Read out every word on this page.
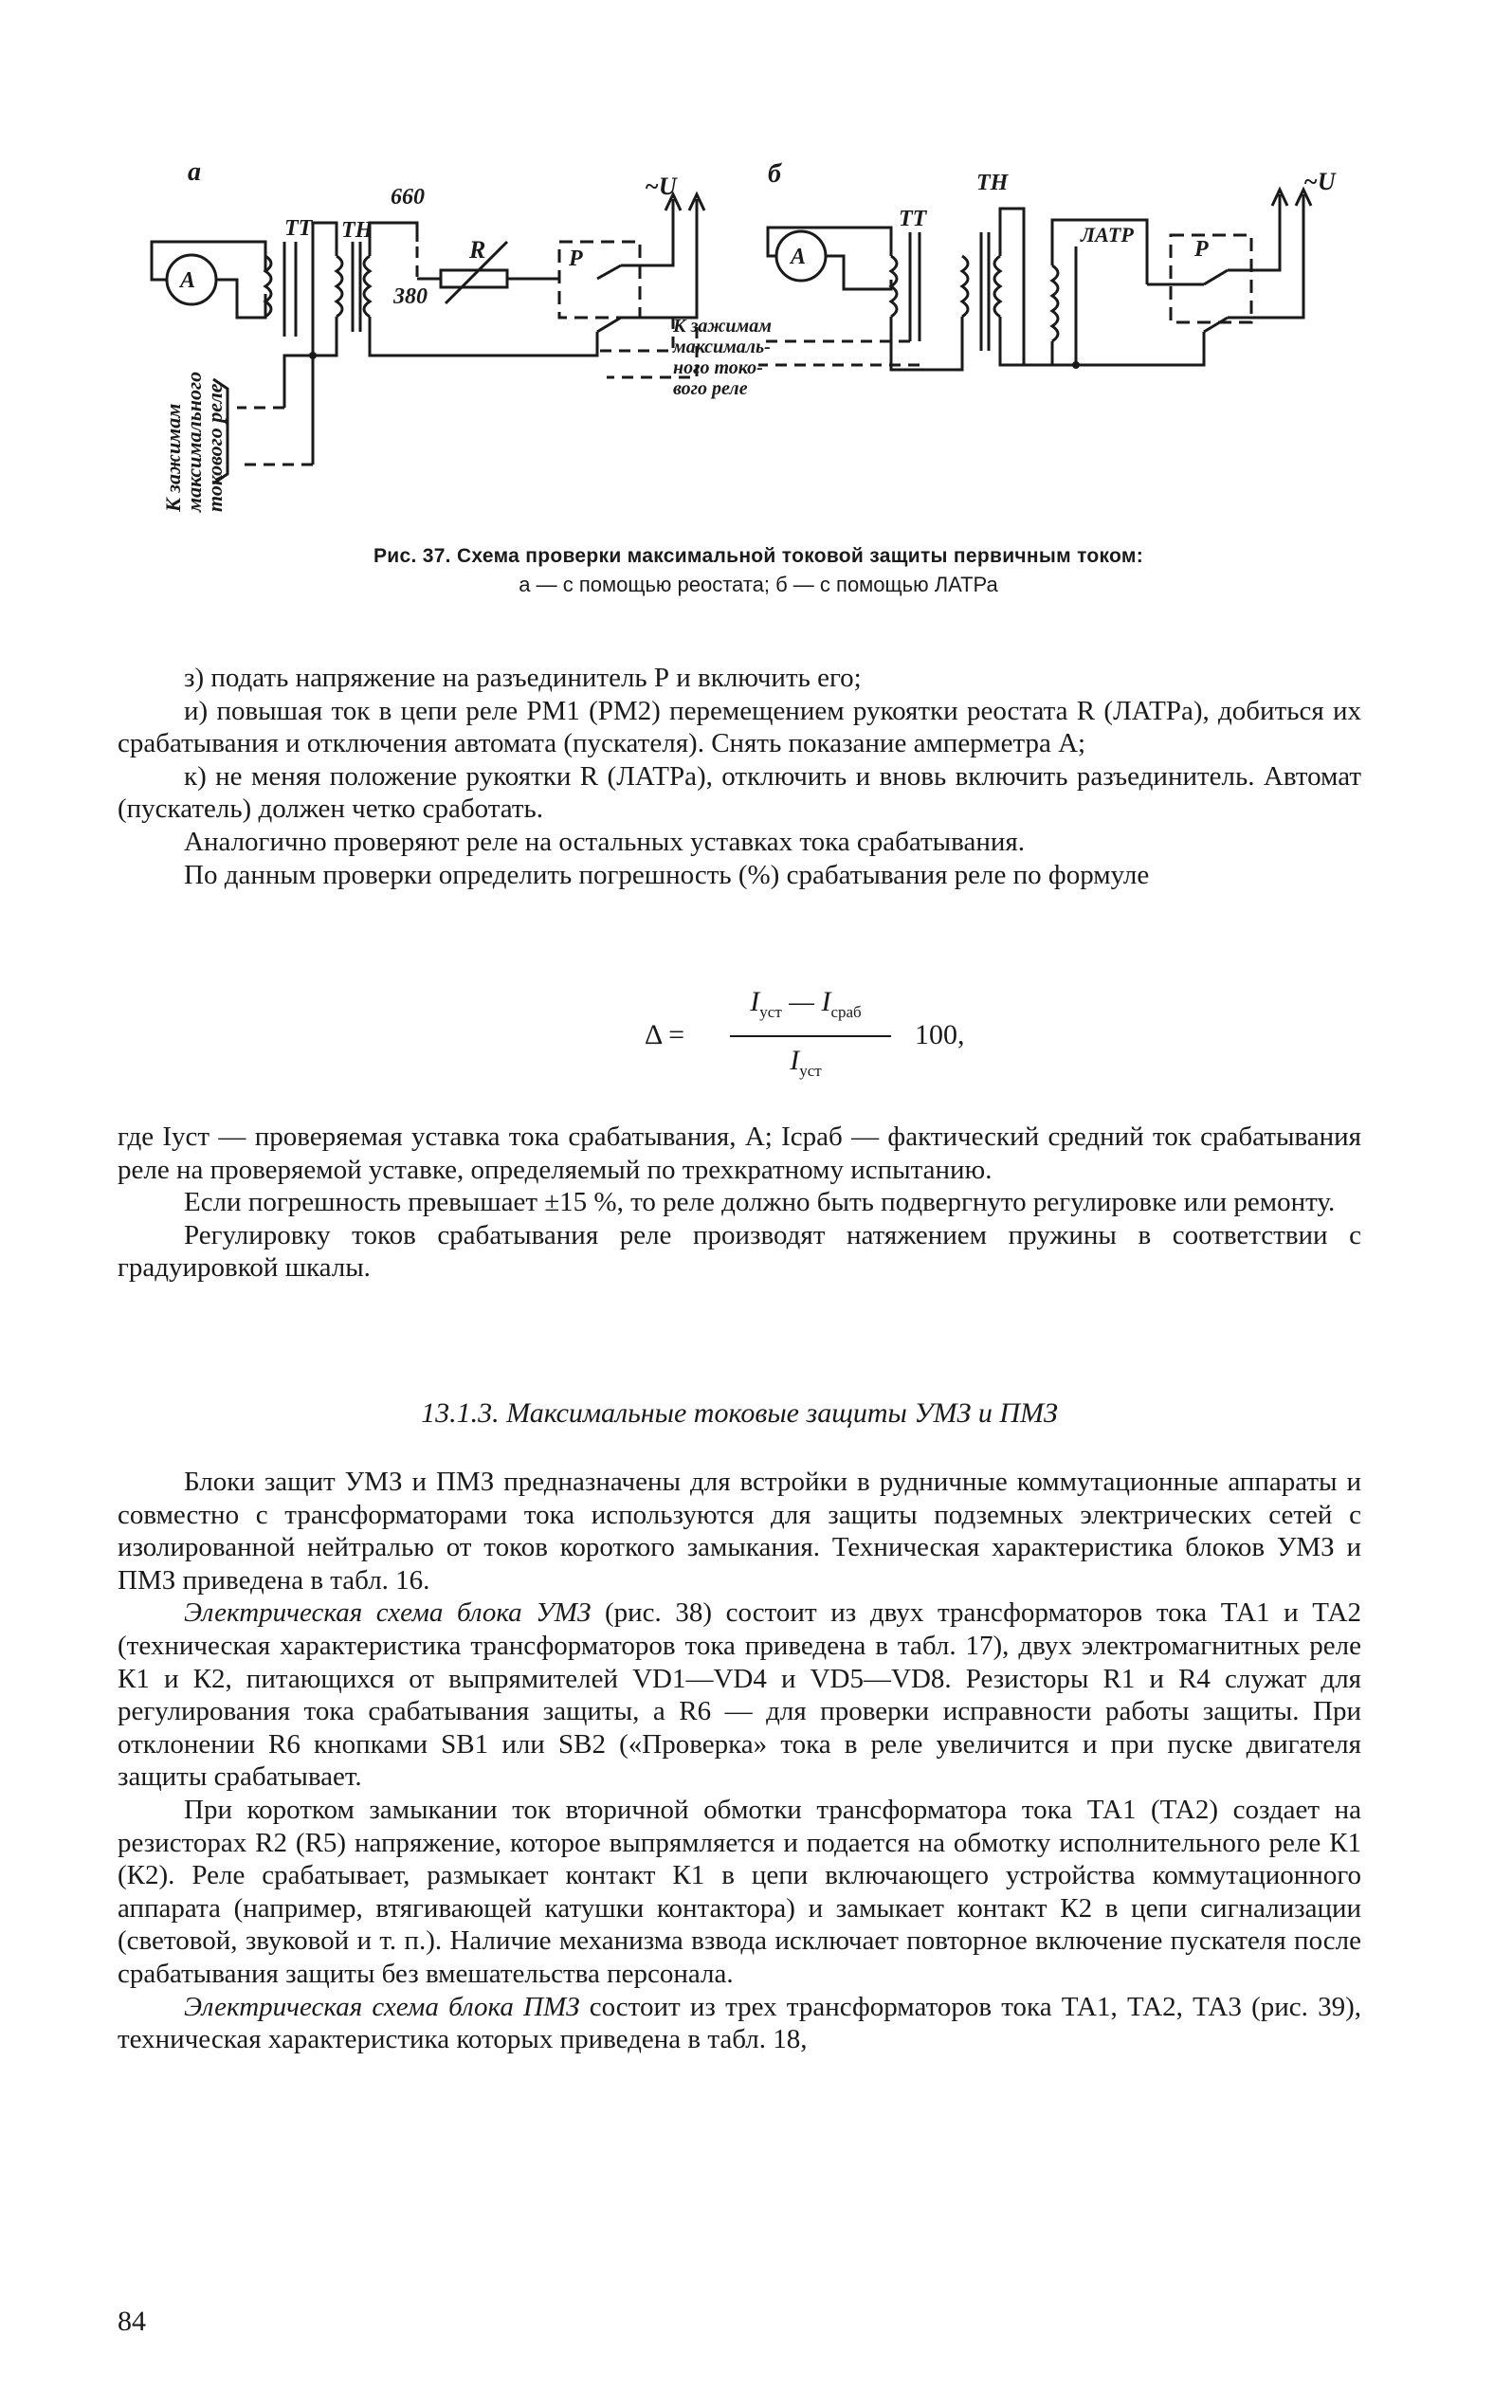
а
A
ТТ ТН
660
380
R	Р
~U	б
A
ТТ
ТН
ЛАТР
Р
~U
К зажимам
максимального
токового реле
К зажимам
максималь-
ного токо-
вого реле
Рис. 37. Схема проверки максимальной токовой защиты первичным током:
а — с помощью реостата; б — с помощью ЛАТРа

з) подать напряжение на разъединитель Р и включить его;

и) повышая ток в цепи реле РМ1 (РМ2) перемещением рукоятки реостата R (ЛАТРа), добиться их срабатывания и отключения автомата (пускателя). Снять показание амперметра А;

к) не меняя положение рукоятки R (ЛАТРа), отключить и вновь включить разъединитель. Автомат (пускатель) должен четко сработать.

Аналогично проверяют реле на остальных уставках тока срабатывания.

По данным проверки определить погрешность (%) срабатывания реле по формуле

Δ =
$I_{уст}$ — $I_{сраб}$
$I_{уст}$
100,

где Iуст — проверяемая уставка тока срабатывания, А; Iсраб — фактический средний ток срабатывания реле на проверяемой уставке, определяемый по трехкратному испытанию.

Если погрешность превышает ±15 %, то реле должно быть подвергнуто регулировке или ремонту.

Регулировку токов срабатывания реле производят натяжением пружины в соответствии с градуировкой шкалы.

13.1.3. Максимальные токовые защиты УМЗ и ПМЗ

Блоки защит УМЗ и ПМЗ предназначены для встройки в рудничные коммутационные аппараты и совместно с трансформаторами тока используются для защиты подземных электрических сетей с изолированной нейтралью от токов короткого замыкания. Техническая характеристика блоков УМЗ и ПМЗ приведена в табл. 16.

Электрическая схема блока УМЗ (рис. 38) состоит из двух трансформаторов тока ТА1 и ТА2 (техническая характеристика трансформаторов тока приведена в табл. 17), двух электромагнитных реле К1 и К2, питающихся от выпрямителей VD1—VD4 и VD5—VD8. Резисторы R1 и R4 служат для регулирования тока срабатывания защиты, а R6 — для проверки исправности работы защиты. При отклонении R6 кнопками SB1 или SB2 («Проверка» тока в реле увеличится и при пуске двигателя защиты срабатывает.

При коротком замыкании ток вторичной обмотки трансформатора тока ТА1 (ТА2) создает на резисторах R2 (R5) напряжение, которое выпрямляется и подается на обмотку исполнительного реле К1 (К2). Реле срабатывает, размыкает контакт К1 в цепи включающего устройства коммутационного аппарата (например, втягивающей катушки контактора) и замыкает контакт К2 в цепи сигнализации (световой, звуковой и т. п.). Наличие механизма взвода исключает повторное включение пускателя после срабатывания защиты без вмешательства персонала.

Электрическая схема блока ПМЗ состоит из трех трансформаторов тока ТА1, ТА2, ТА3 (рис. 39), техническая характеристика которых приведена в табл. 18,

84
